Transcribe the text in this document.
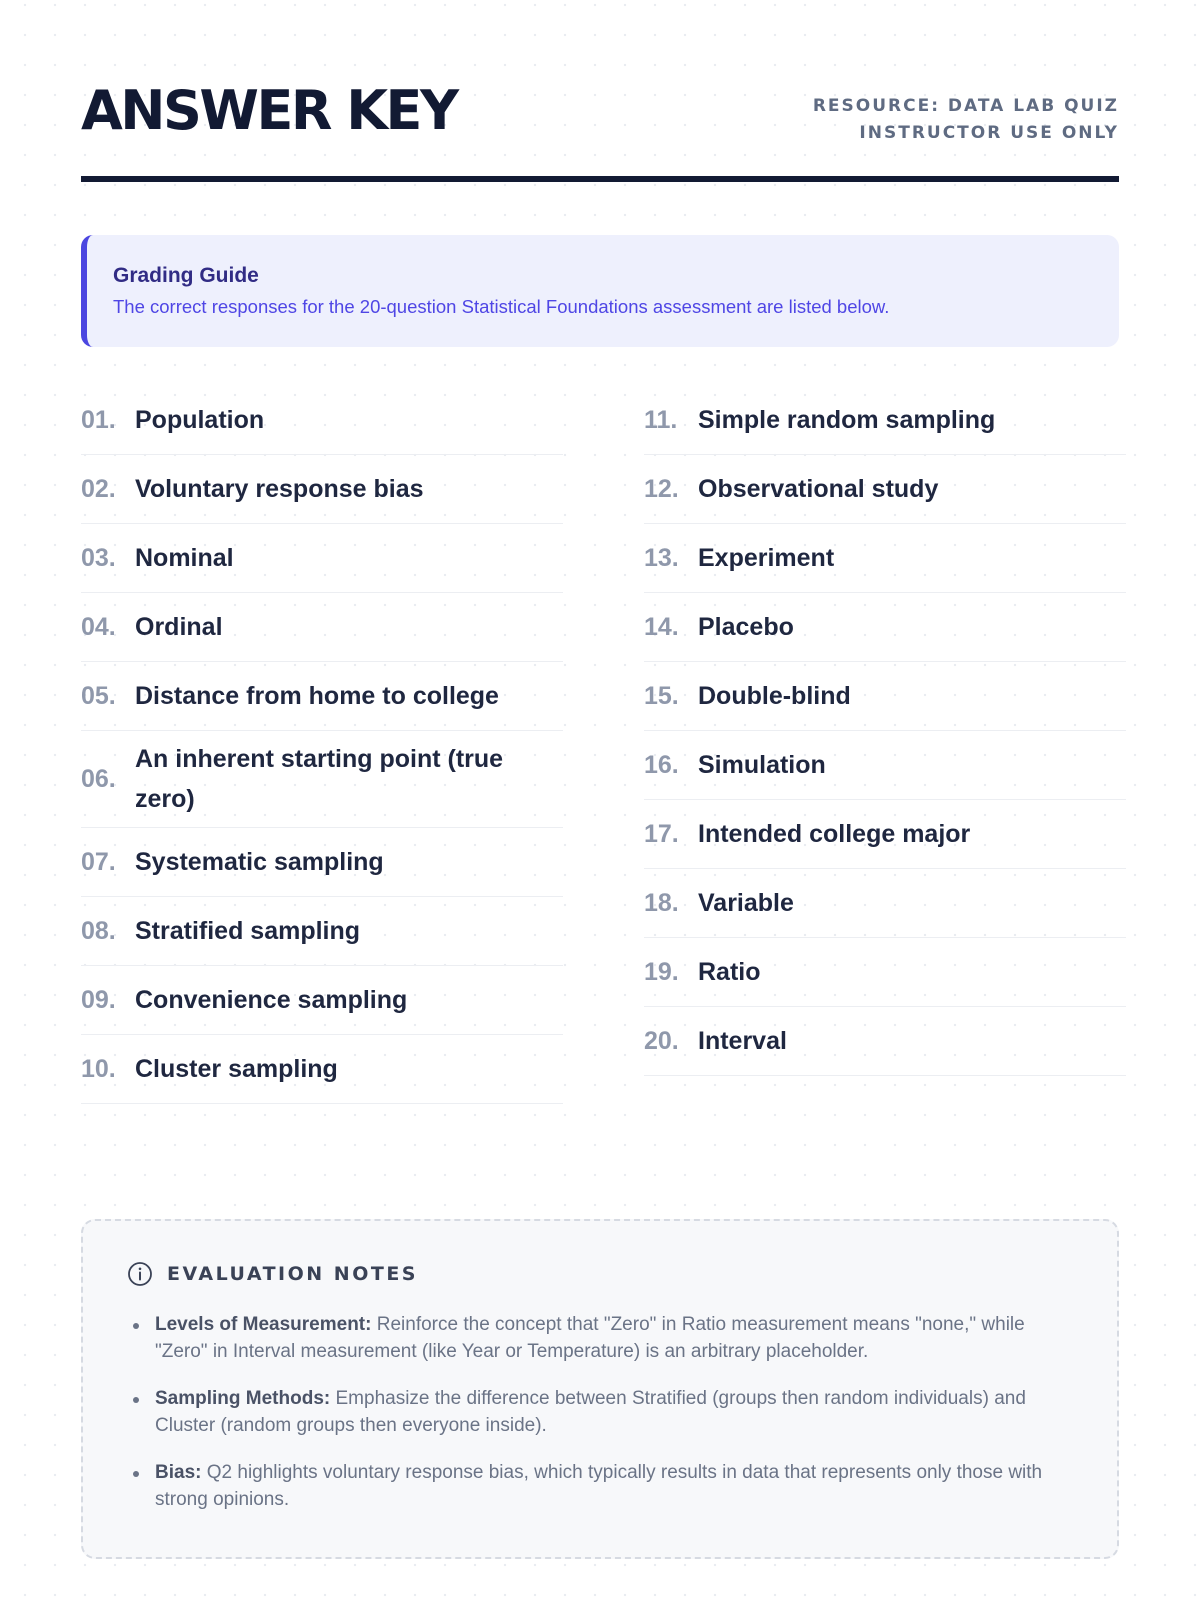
ANSWER KEY	RESOURCE: DATA LAB QUIZ
INSTRUCTOR USE ONLY
Grading Guide
The correct responses for the 20-question Statistical Foundations assessment are listed below.
01. Population
02. Voluntary response bias
03. Nominal
04. Ordinal
05. Distance from home to college
06.
An inherent starting point (true zero)
07. Systematic sampling
08. Stratified sampling
09. Convenience sampling
10. Cluster sampling
11. Simple random sampling
12. Observational study
13. Experiment
14. Placebo
15. Double-blind
16. Simulation
17. Intended college major
18. Variable
19. Ratio
20. Interval
EVALUATION NOTES
Levels of Measurement: Reinforce the concept that "Zero" in Ratio measurement means "none," while "Zero" in Interval measurement (like Year or Temperature) is an arbitrary placeholder.
Sampling Methods: Emphasize the difference between Stratified (groups then random individuals) and Cluster (random groups then everyone inside).
Bias: Q2 highlights voluntary response bias, which typically results in data that represents only those with strong opinions.
